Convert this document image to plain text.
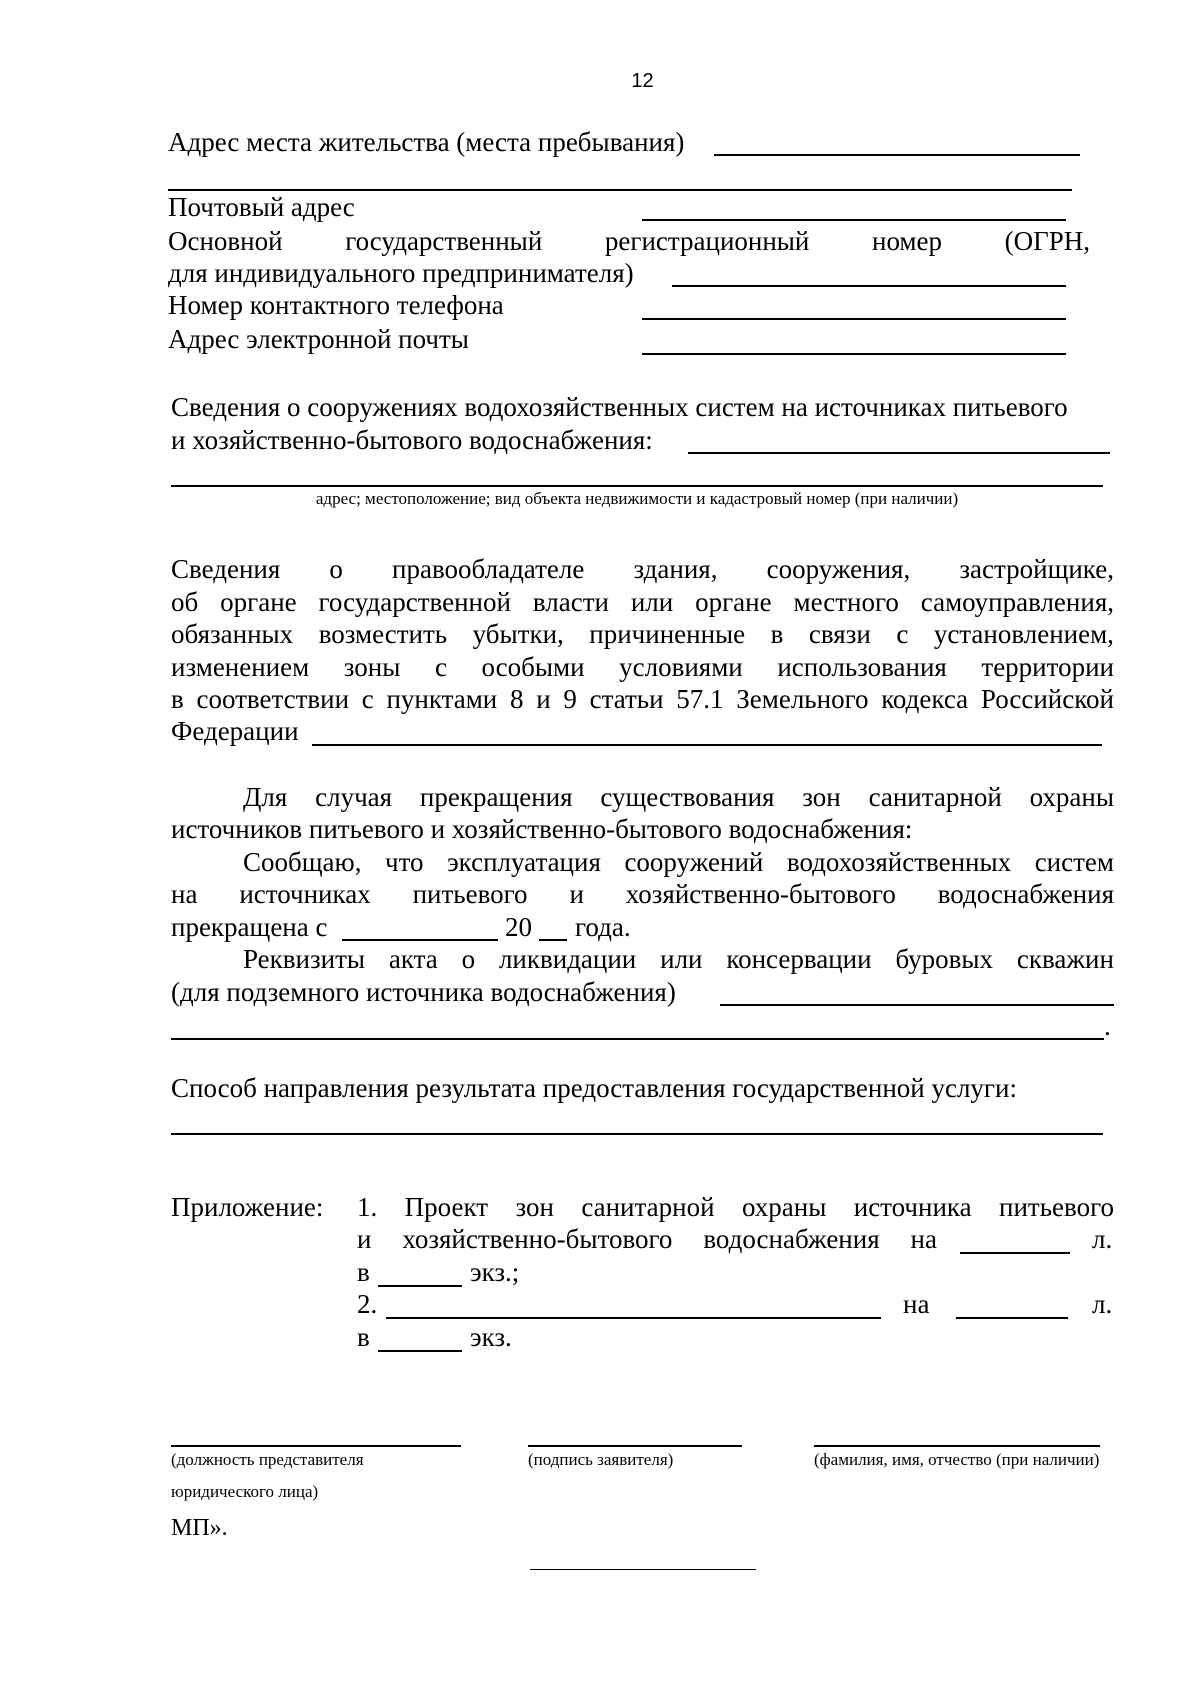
12
Адрес места жительства (места пребывания)
Почтовый адрес
Основной государственный регистрационный номер (ОГРН,
для индивидуального предпринимателя)
Номер контактного телефона
Адрес электронной почты
Сведения о сооружениях водохозяйственных систем на источниках питьевого
и хозяйственно-бытового водоснабжения:
адрес; местоположение; вид объекта недвижимости и кадастровый номер (при наличии)
Сведения о правообладателе здания, сооружения, застройщике,
об органе государственной власти или органе местного самоуправления,
обязанных возместить убытки, причиненные в связи с установлением,
изменением зоны с особыми условиями использования территории
в соответствии с пунктами 8 и 9 статьи 57.1 Земельного кодекса Российской
Федерации
Для случая прекращения существования зон санитарной охраны
источников питьевого и хозяйственно-бытового водоснабжения:
Сообщаю, что эксплуатация сооружений водохозяйственных систем
на источниках питьевого и хозяйственно-бытового водоснабжения
прекращена с	20 года.
Реквизиты акта о ликвидации или консервации буровых скважин
(для подземного источника водоснабжения)
.
Способ направления результата предоставления государственной услуги:
Приложение: 1. Проект зон санитарной охраны источника питьевого
и хозяйственно-бытового водоснабжения на	л.
в	экз.;
2.	на	л.
в	экз.
(должность представителя	(подпись заявителя)	(фамилия, имя, отчество (при наличии)
юридического лица)
МП».
